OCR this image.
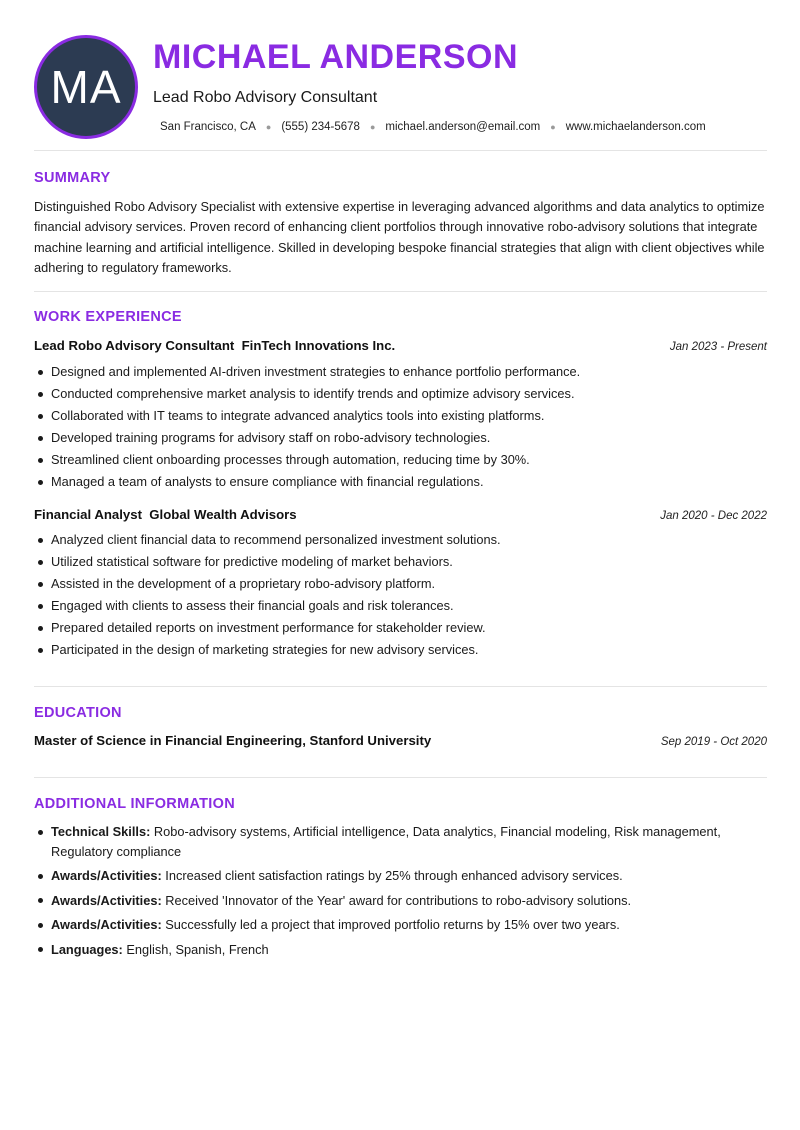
MA
MICHAEL ANDERSON
Lead Robo Advisory Consultant
San Francisco, CA ● (555) 234-5678 ● michael.anderson@email.com ● www.michaelanderson.com
SUMMARY
Distinguished Robo Advisory Specialist with extensive expertise in leveraging advanced algorithms and data analytics to optimize financial advisory services. Proven record of enhancing client portfolios through innovative robo-advisory solutions that integrate machine learning and artificial intelligence. Skilled in developing bespoke financial strategies that align with client objectives while adhering to regulatory frameworks.
WORK EXPERIENCE
Lead Robo Advisory Consultant  FinTech Innovations Inc.	Jan 2023 - Present
Designed and implemented AI-driven investment strategies to enhance portfolio performance.
Conducted comprehensive market analysis to identify trends and optimize advisory services.
Collaborated with IT teams to integrate advanced analytics tools into existing platforms.
Developed training programs for advisory staff on robo-advisory technologies.
Streamlined client onboarding processes through automation, reducing time by 30%.
Managed a team of analysts to ensure compliance with financial regulations.
Financial Analyst  Global Wealth Advisors	Jan 2020 - Dec 2022
Analyzed client financial data to recommend personalized investment solutions.
Utilized statistical software for predictive modeling of market behaviors.
Assisted in the development of a proprietary robo-advisory platform.
Engaged with clients to assess their financial goals and risk tolerances.
Prepared detailed reports on investment performance for stakeholder review.
Participated in the design of marketing strategies for new advisory services.
EDUCATION
Master of Science in Financial Engineering, Stanford University	Sep 2019 - Oct 2020
ADDITIONAL INFORMATION
Technical Skills: Robo-advisory systems, Artificial intelligence, Data analytics, Financial modeling, Risk management, Regulatory compliance
Awards/Activities: Increased client satisfaction ratings by 25% through enhanced advisory services.
Awards/Activities: Received 'Innovator of the Year' award for contributions to robo-advisory solutions.
Awards/Activities: Successfully led a project that improved portfolio returns by 15% over two years.
Languages: English, Spanish, French
